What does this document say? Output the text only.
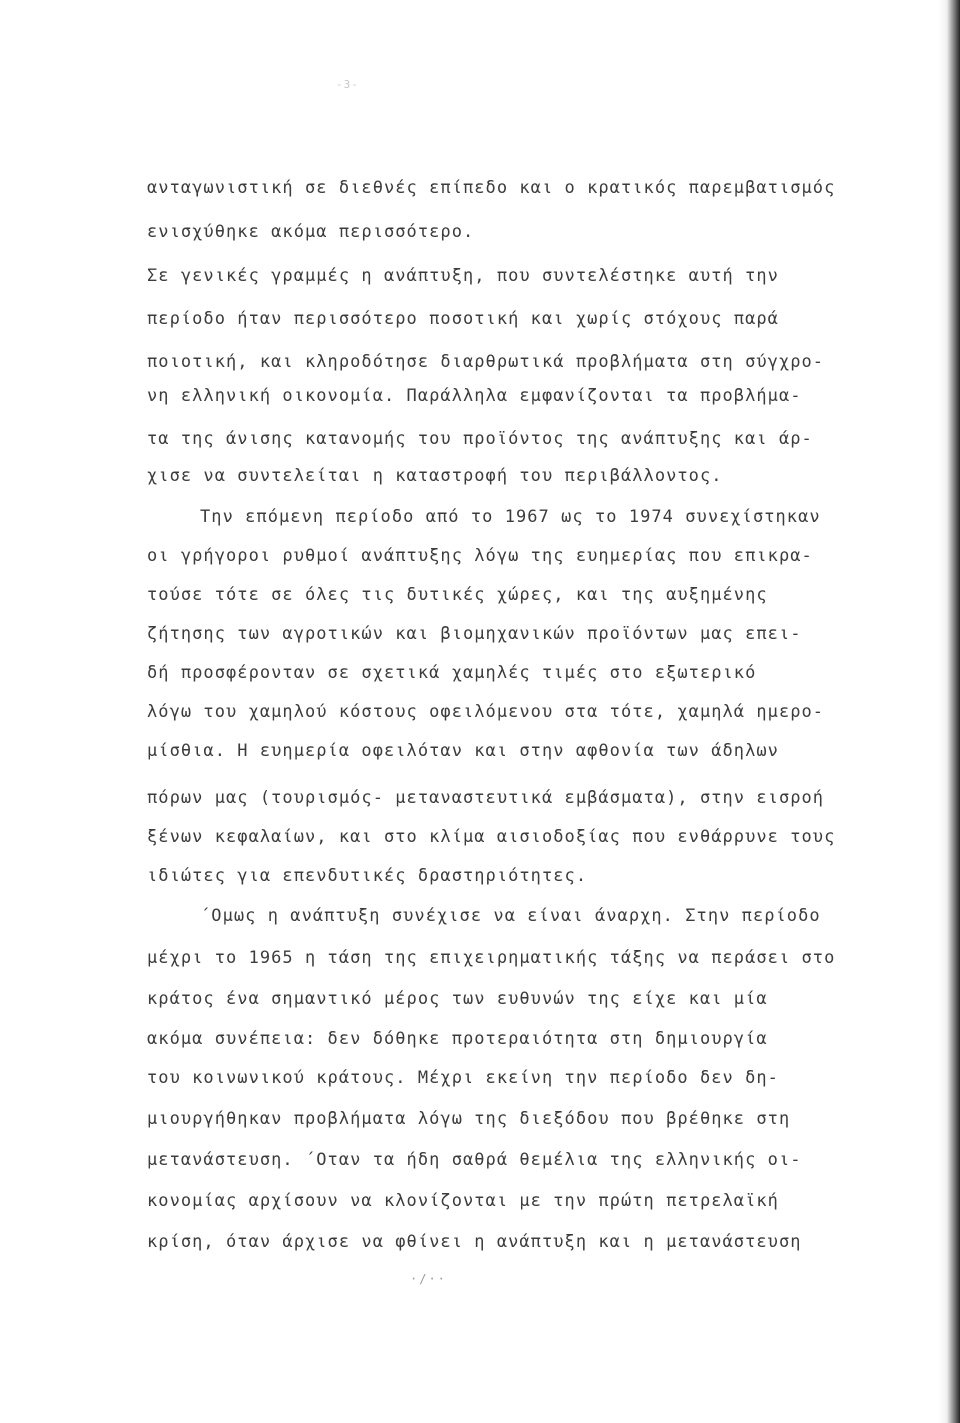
-3-
ανταγωνιστική σε διεθνές επίπεδο και ο κρατικός παρεμβατισμός
ενισχύθηκε ακόμα περισσότερο.
Σε γενικές γραμμές η ανάπτυξη, που συντελέστηκε αυτή την
περίοδο ήταν περισσότερο ποσοτική και χωρίς στόχους παρά
ποιοτική, και κληροδότησε διαρθρωτικά προβλήματα στη σύγχρο-
νη ελληνική οικονομία. Παράλληλα εμφανίζονται τα προβλήμα-
τα της άνισης κατανομής του προϊόντος της ανάπτυξης και άρ-
χισε να συντελείται η καταστροφή του περιβάλλοντος.
Την επόμενη περίοδο από το 1967 ως το 1974 συνεχίστηκαν
οι γρήγοροι ρυθμοί ανάπτυξης λόγω της ευημερίας που επικρα-
τούσε τότε σε όλες τις δυτικές χώρες, και της αυξημένης
ζήτησης των αγροτικών και βιομηχανικών προϊόντων μας επει-
δή προσφέρονταν σε σχετικά χαμηλές τιμές στο εξωτερικό
λόγω του χαμηλού κόστους οφειλόμενου στα τότε, χαμηλά ημερο-
μίσθια. Η ευημερία οφειλόταν και στην αφθονία των άδηλων
πόρων μας (τουρισμός- μεταναστευτικά εμβάσματα), στην εισροή
ξένων κεφαλαίων, και στο κλίμα αισιοδοξίας που ενθάρρυνε τους
ιδιώτες για επενδυτικές δραστηριότητες.
΄Ομως η ανάπτυξη συνέχισε να είναι άναρχη. Στην περίοδο
μέχρι το 1965 η τάση της επιχειρηματικής τάξης να περάσει στο
κράτος ένα σημαντικό μέρος των ευθυνών της είχε και μία
ακόμα συνέπεια: δεν δόθηκε προτεραιότητα στη δημιουργία
του κοινωνικού κράτους. Μέχρι εκείνη την περίοδο δεν δη-
μιουργήθηκαν προβλήματα λόγω της διεξόδου που βρέθηκε στη
μετανάστευση. ΄Οταν τα ήδη σαθρά θεμέλια της ελληνικής οι-
κονομίας αρχίσουν να κλονίζονται με την πρώτη πετρελαϊκή
κρίση, όταν άρχισε να φθίνει η ανάπτυξη και η μετανάστευση
·/··
